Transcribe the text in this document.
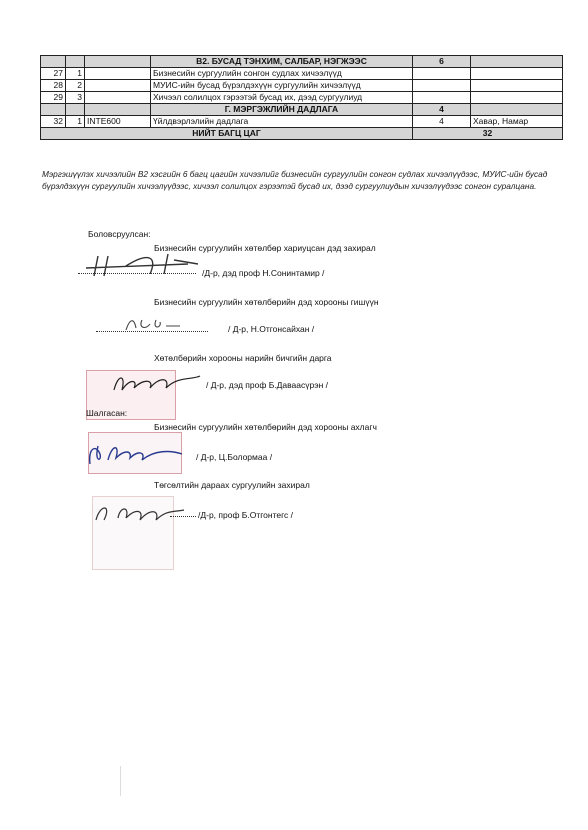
			В2. БУСАД ТЭНХИМ, САЛБАР, НЭГЖЭЭС	6	
27	1		Бизнесийн сургуулийн сонгон судлах хичээлүүд		
28	2		МУИС-ийн бусад бүрэлдэхүүн сургуулийн хичээлүүд		
29	3		Хичээл солилцох гэрээтэй бусад их, дээд сургуулиуд		
			Г. МЭРГЭЖЛИЙН ДАДЛАГА	4	
32	1	INTE600	Үйлдвэрлэлийн дадлага	4	Хавар, Намар
НИЙТ БАГЦ ЦАГ				32	
Мэргэшүүлэх хичээлийн В2 хэсгийн 6 багц цагийн хичээлийг бизнесийн сургуулийн сонгон судлах хичээлүүдээс, МУИС-ийн бусад бүрэлдэхүүн сургуулийн хичээлүүдээс, хичээл солилцох гэрээтэй бусад их, дээд сургуулиудын хичээлүүдээс сонгон суралцана.
Боловсруулсан:
Бизнесийн сургуулийн хөтөлбөр хариуцсан дэд захирал
/Д-р, дэд проф Н.Сонинтамир /
Бизнесийн сургуулийн хөтөлбөрийн дэд хорооны гишүүн
/ Д-р, Н.Отгонсайхан /
Хөтөлбөрийн хорооны нарийн бичгийн дарга
/ Д-р, дэд проф Б.Даваасүрэн /
Шалгасан:
Бизнесийн сургуулийн хөтөлбөрийн дэд хорооны ахлагч
/ Д-р, Ц.Болормаа /
Төгсөлтийн дараах сургуулийн захирал
/Д-р, проф Б.Отгонтегс /
